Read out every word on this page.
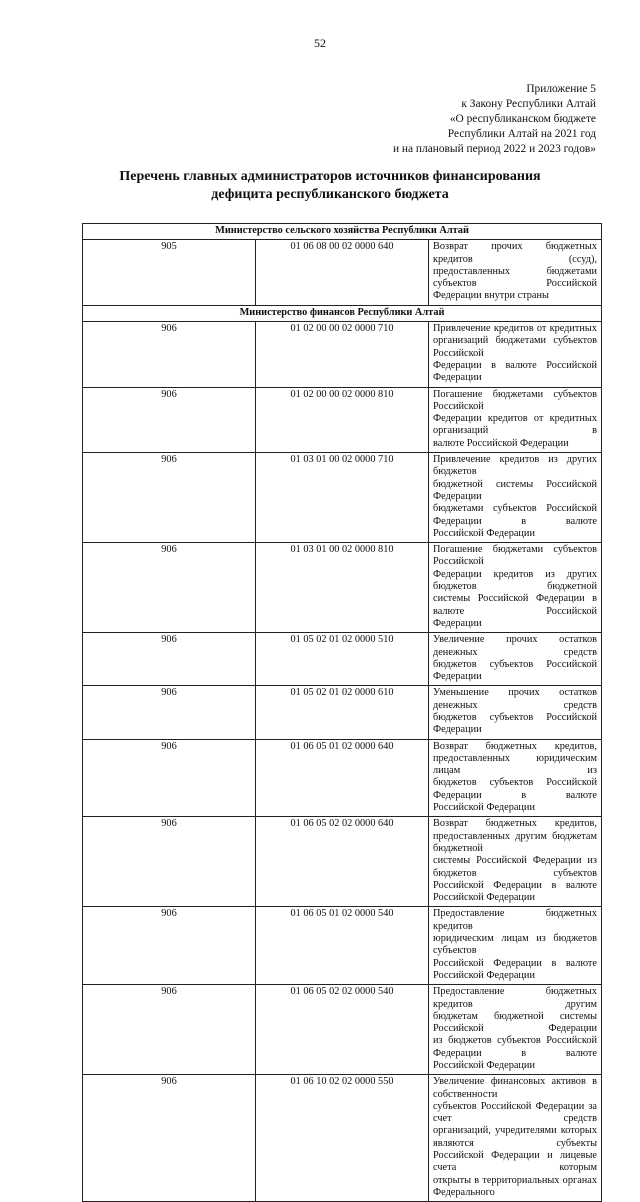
52
Приложение 5
к Закону Республики Алтай
«О республиканском бюджете
Республики Алтай на 2021 год
и на плановый период 2022 и 2023 годов»
Перечень главных администраторов источников финансирования
дефицита республиканского бюджета
Министерство сельского хозяйства Республики Алтай		
905	01 06 08 00 02 0000 640	Возврат прочих бюджетных кредитов (ссуд),
предоставленных бюджетами субъектов Российской
Федерации внутри страны

Министерство финансов Республики Алтай		
906	01 02 00 00 02 0000 710	Привлечение кредитов от кредитных
организаций бюджетами субъектов Российской
Федерации в валюте Российской Федерации

906	01 02 00 00 02 0000 810	Погашение бюджетами субъектов Российской
Федерации кредитов от кредитных организаций в
валюте Российской Федерации

906	01 03 01 00 02 0000 710	Привлечение кредитов из других бюджетов
бюджетной системы Российской Федерации
бюджетами субъектов Российской Федерации в валюте
Российской Федерации

906	01 03 01 00 02 0000 810	Погашение бюджетами субъектов Российской
Федерации кредитов из других бюджетов бюджетной
системы Российской Федерации в валюте Российской
Федерации

906	01 05 02 01 02 0000 510	Увеличение прочих остатков денежных средств
бюджетов субъектов Российской Федерации

906	01 05 02 01 02 0000 610	Уменьшение прочих остатков денежных средств
бюджетов субъектов Российской Федерации

906	01 06 05 01 02 0000 640	Возврат бюджетных кредитов,
предоставленных юридическим лицам из
бюджетов субъектов Российской Федерации в валюте
Российской Федерации

906	01 06 05 02 02 0000 640	Возврат бюджетных кредитов,
предоставленных другим бюджетам бюджетной
системы Российской Федерации из бюджетов субъектов
Российской Федерации в валюте Российской Федерации

906	01 06 05 01 02 0000 540	Предоставление бюджетных кредитов
юридическим лицам из бюджетов субъектов
Российской Федерации в валюте Российской Федерации

906	01 06 05 02 02 0000 540	Предоставление бюджетных кредитов другим
бюджетам бюджетной системы Российской Федерации
из бюджетов субъектов Российской Федерации в валюте
Российской Федерации

906	01 06 10 02 02 0000 550	Увеличение финансовых активов в собственности
субъектов Российской Федерации за счет средств
организаций, учредителями которых являются субъекты
Российской Федерации и лицевые счета которым
открыты в территориальных органах Федерального
